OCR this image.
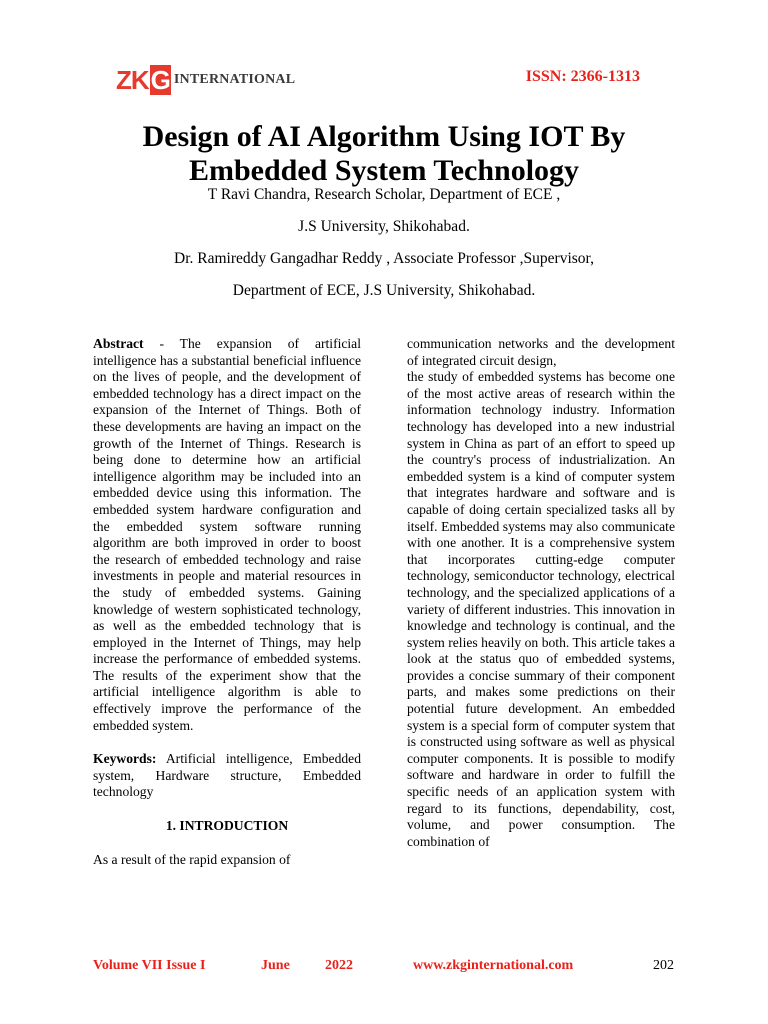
ZKG INTERNATIONAL	ISSN: 2366-1313
Design of AI Algorithm Using IOT By
Embedded System Technology
T Ravi Chandra, Research Scholar, Department of ECE ,
J.S University, Shikohabad.
Dr. Ramireddy Gangadhar Reddy , Associate Professor ,Supervisor,
Department of ECE, J.S University, Shikohabad.

Abstract - The expansion of artificial intelligence has a substantial beneficial influence on the lives of people, and the development of embedded technology has a direct impact on the expansion of the Internet of Things. Both of these developments are having an impact on the growth of the Internet of Things. Research is being done to determine how an artificial intelligence algorithm may be included into an embedded device using this information. The embedded system hardware configuration and the embedded system software running algorithm are both improved in order to boost the research of embedded technology and raise investments in people and material resources in the study of embedded systems. Gaining knowledge of western sophisticated technology, as well as the embedded technology that is employed in the Internet of Things, may help increase the performance of embedded systems. The results of the experiment show that the artificial intelligence algorithm is able to effectively improve the performance of the embedded system.

Keywords: Artificial intelligence, Embedded system, Hardware structure, Embedded technology

1. INTRODUCTION

As a result of the rapid expansion of

communication networks and the development of integrated circuit design,

the study of embedded systems has become one of the most active areas of research within the information technology industry. Information technology has developed into a new industrial system in China as part of an effort to speed up the country's process of industrialization. An embedded system is a kind of computer system that integrates hardware and software and is capable of doing certain specialized tasks all by itself. Embedded systems may also communicate with one another. It is a comprehensive system that incorporates cutting-edge computer technology, semiconductor technology, electrical technology, and the specialized applications of a variety of different industries. This innovation in knowledge and technology is continual, and the system relies heavily on both. This article takes a look at the status quo of embedded systems, provides a concise summary of their component parts, and makes some predictions on their potential future development. An embedded system is a special form of computer system that is constructed using software as well as physical computer components. It is possible to modify software and hardware in order to fulfill the specific needs of an application system with regard to its functions, dependability, cost, volume, and power consumption. The combination of

Volume VII Issue I	June	2022	www.zkginternational.com	202
